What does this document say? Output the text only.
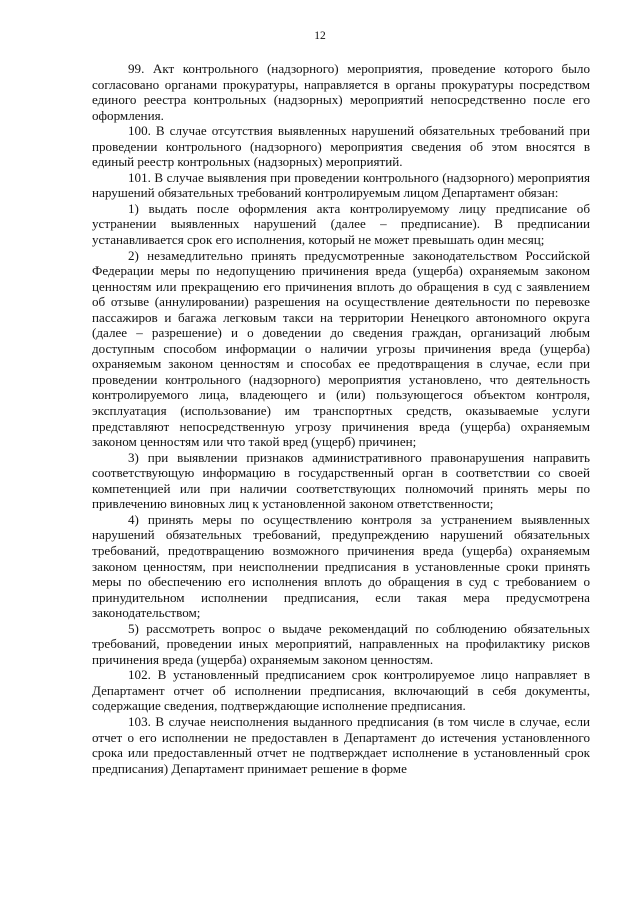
12

99. Акт контрольного (надзорного) мероприятия, проведение которого было согласовано органами прокуратуры, направляется в органы прокуратуры посредством единого реестра контрольных (надзорных) мероприятий непосредственно после его оформления.

100. В случае отсутствия выявленных нарушений обязательных требований при проведении контрольного (надзорного) мероприятия сведения об этом вносятся в единый реестр контрольных (надзорных) мероприятий.

101. В случае выявления при проведении контрольного (надзорного) мероприятия нарушений обязательных требований контролируемым лицом Департамент обязан:

1) выдать после оформления акта контролируемому лицу предписание об устранении выявленных нарушений (далее – предписание). В предписании устанавливается срок его исполнения, который не может превышать один месяц;

2) незамедлительно принять предусмотренные законодательством Российской Федерации меры по недопущению причинения вреда (ущерба) охраняемым законом ценностям или прекращению его причинения вплоть до обращения в суд с заявлением об отзыве (аннулировании) разрешения на осуществление деятельности по перевозке пассажиров и багажа легковым такси на территории Ненецкого автономного округа (далее – разрешение) и о доведении до сведения граждан, организаций любым доступным способом информации о наличии угрозы причинения вреда (ущерба) охраняемым законом ценностям и способах ее предотвращения в случае, если при проведении контрольного (надзорного) мероприятия установлено, что деятельность контролируемого лица, владеющего и (или) пользующегося объектом контроля, эксплуатация (использование) им транспортных средств, оказываемые услуги представляют непосредственную угрозу причинения вреда (ущерба) охраняемым законом ценностям или что такой вред (ущерб) причинен;

3) при выявлении признаков административного правонарушения направить соответствующую информацию в государственный орган в соответствии со своей компетенцией или при наличии соответствующих полномочий принять меры по привлечению виновных лиц к установленной законом ответственности;

4) принять меры по осуществлению контроля за устранением выявленных нарушений обязательных требований, предупреждению нарушений обязательных требований, предотвращению возможного причинения вреда (ущерба) охраняемым законом ценностям, при неисполнении предписания в установленные сроки принять меры по обеспечению его исполнения вплоть до обращения в суд с требованием о принудительном исполнении предписания, если такая мера предусмотрена законодательством;

5) рассмотреть вопрос о выдаче рекомендаций по соблюдению обязательных требований, проведении иных мероприятий, направленных на профилактику рисков причинения вреда (ущерба) охраняемым законом ценностям.

102. В установленный предписанием срок контролируемое лицо направляет в Департамент отчет об исполнении предписания, включающий в себя документы, содержащие сведения, подтверждающие исполнение предписания.

103. В случае неисполнения выданного предписания (в том числе в случае, если отчет о его исполнении не предоставлен в Департамент до истечения установленного срока или предоставленный отчет не подтверждает исполнение в установленный срок предписания) Департамент принимает решение в форме
